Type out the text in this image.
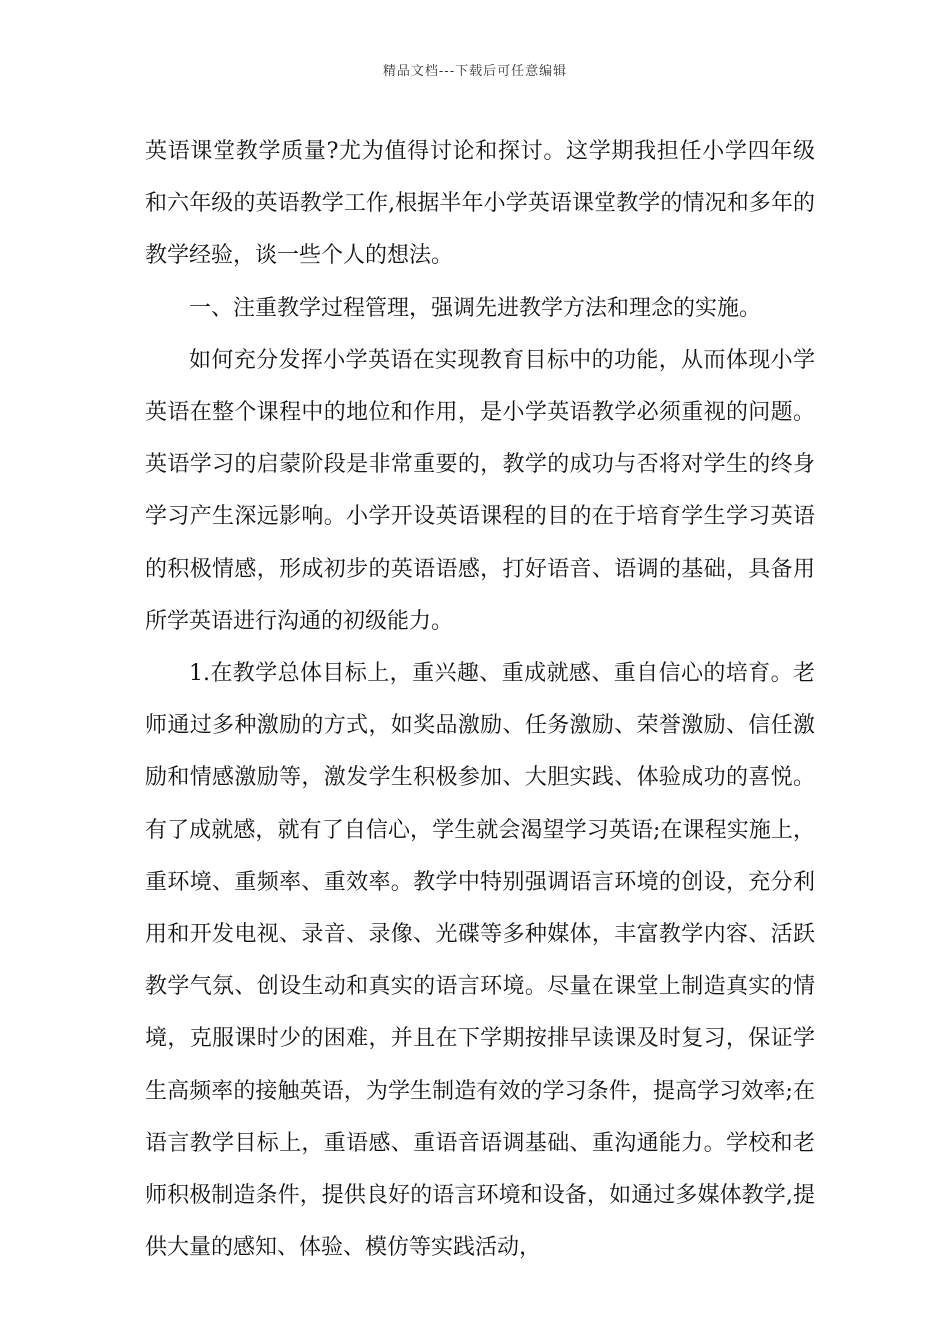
精品文档---下载后可任意编辑

英语课堂教学质量?尤为值得讨论和探讨。这学期我担任小学四年级和六年级的英语教学工作,根据半年小学英语课堂教学的情况和多年的教学经验，谈一些个人的想法。

一、注重教学过程管理，强调先进教学方法和理念的实施。

如何充分发挥小学英语在实现教育目标中的功能，从而体现小学英语在整个课程中的地位和作用，是小学英语教学必须重视的问题。英语学习的启蒙阶段是非常重要的，教学的成功与否将对学生的终身学习产生深远影响。小学开设英语课程的目的在于培育学生学习英语的积极情感，形成初步的英语语感，打好语音、语调的基础，具备用所学英语进行沟通的初级能力。

1.在教学总体目标上，重兴趣、重成就感、重自信心的培育。老师通过多种激励的方式，如奖品激励、任务激励、荣誉激励、信任激励和情感激励等，激发学生积极参加、大胆实践、体验成功的喜悦。有了成就感，就有了自信心，学生就会渴望学习英语;在课程实施上，重环境、重频率、重效率。教学中特别强调语言环境的创设，充分利用和开发电视、录音、录像、光碟等多种媒体，丰富教学内容、活跃教学气氛、创设生动和真实的语言环境。尽量在课堂上制造真实的情境，克服课时少的困难，并且在下学期按排早读课及时复习，保证学生高频率的接触英语，为学生制造有效的学习条件，提高学习效率;在语言教学目标上，重语感、重语音语调基础、重沟通能力。学校和老师积极制造条件，提供良好的语言环境和设备，如通过多媒体教学,提供大量的感知、体验、模仿等实践活动，
